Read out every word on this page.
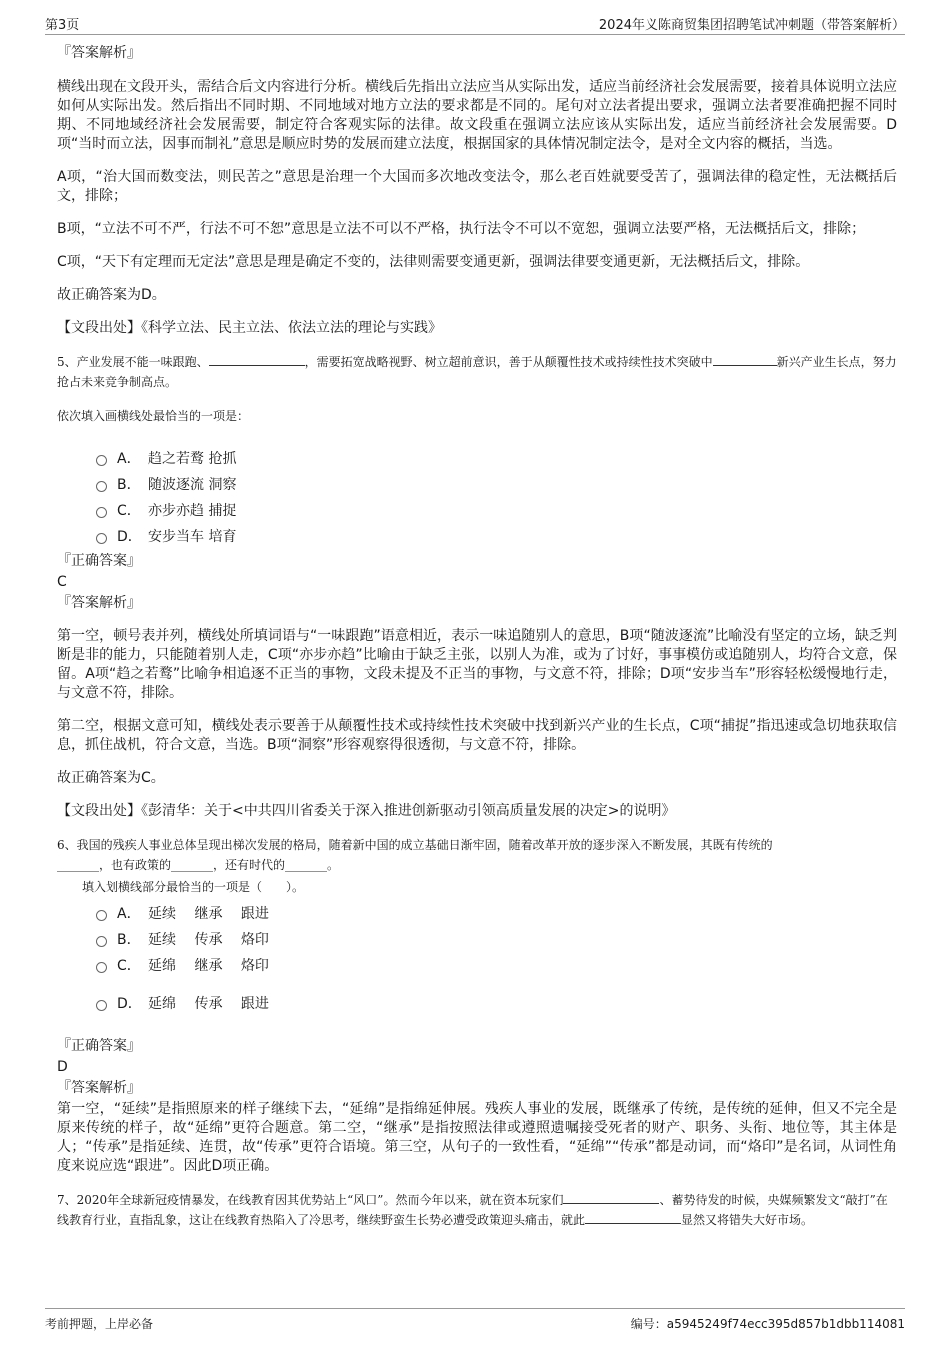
第3页	2024年义陈商贸集团招聘笔试冲刺题（带答案解析）

『答案解析』

横线出现在文段开头，需结合后文内容进行分析。横线后先指出立法应当从实际出发，适应当前经济社会发展需要，接着具体说明立法应如何从实际出发。然后指出不同时期、不同地域对地方立法的要求都是不同的。尾句对立法者提出要求，强调立法者要准确把握不同时期、不同地域经济社会发展需要，制定符合客观实际的法律。故文段重在强调立法应该从实际出发，适应当前经济社会发展需要。D项“当时而立法，因事而制礼”意思是顺应时势的发展而建立法度，根据国家的具体情况制定法令，是对全文内容的概括，当选。

A项，“治大国而数变法，则民苦之”意思是治理一个大国而多次地改变法令，那么老百姓就要受苦了，强调法律的稳定性，无法概括后文，排除；

B项，“立法不可不严，行法不可不恕”意思是立法不可以不严格，执行法令不可以不宽恕，强调立法要严格，无法概括后文，排除；

C项，“天下有定理而无定法”意思是理是确定不变的，法律则需要变通更新，强调法律要变通更新，无法概括后文，排除。

故正确答案为D。

【文段出处】《科学立法、民主立法、依法立法的理论与实践》

5、产业发展不能一味跟跑、	，需要拓宽战略视野、树立超前意识，善于从颠覆性技术或持续性技术突破中	新兴产业生长点，努力抢占未来竞争制高点。

依次填入画横线处最恰当的一项是：

A． 趋之若鹜 抢抓
B． 随波逐流 洞察
C． 亦步亦趋 捕捉
D． 安步当车 培育

『正确答案』

C

『答案解析』

第一空，顿号表并列，横线处所填词语与“一味跟跑”语意相近，表示一味追随别人的意思，B项“随波逐流”比喻没有坚定的立场，缺乏判断是非的能力，只能随着别人走，C项“亦步亦趋”比喻由于缺乏主张，以别人为准，或为了讨好，事事模仿或追随别人，均符合文意，保留。A项“趋之若鹜”比喻争相追逐不正当的事物，文段未提及不正当的事物，与文意不符，排除；D项“安步当车”形容轻松缓慢地行走，与文意不符，排除。

第二空，根据文意可知，横线处表示要善于从颠覆性技术或持续性技术突破中找到新兴产业的生长点，C项“捕捉”指迅速或急切地获取信息，抓住战机，符合文意，当选。B项“洞察”形容观察得很透彻，与文意不符，排除。

故正确答案为C。

【文段出处】《彭清华：关于<中共四川省委关于深入推进创新驱动引领高质量发展的决定>的说明》

6、我国的残疾人事业总体呈现出梯次发展的格局，随着新中国的成立基础日渐牢固，随着改革开放的逐步深入不断发展，其既有传统的
_______，也有政策的_______，还有时代的_______。

填入划横线部分最恰当的一项是（　　）。

A． 延续　 继承　 跟进
B． 延续　 传承　 烙印
C． 延绵　 继承　 烙印
D． 延绵　 传承　 跟进

『正确答案』

D

『答案解析』

第一空，“延续”是指照原来的样子继续下去，“延绵”是指绵延伸展。残疾人事业的发展，既继承了传统，是传统的延伸，但又不完全是原来传统的样子，故“延绵”更符合题意。第二空，“继承”是指按照法律或遵照遗嘱接受死者的财产、职务、头衔、地位等，其主体是人；“传承”是指延续、连贯，故“传承”更符合语境。第三空，从句子的一致性看，“延绵”“传承”都是动词，而“烙印”是名词，从词性角度来说应选“跟进”。因此D项正确。

7、2020年全球新冠疫情暴发，在线教育因其优势站上“风口”。然而今年以来，就在资本玩家们	、蓄势待发的时候，央媒频繁发文“敲打”在线教育行业，直指乱象，这让在线教育热陷入了冷思考，继续野蛮生长势必遭受政策迎头痛击，就此	显然又将错失大好市场。

考前押题，上岸必备	编号：a5945249f74ecc395d857b1dbb114081
